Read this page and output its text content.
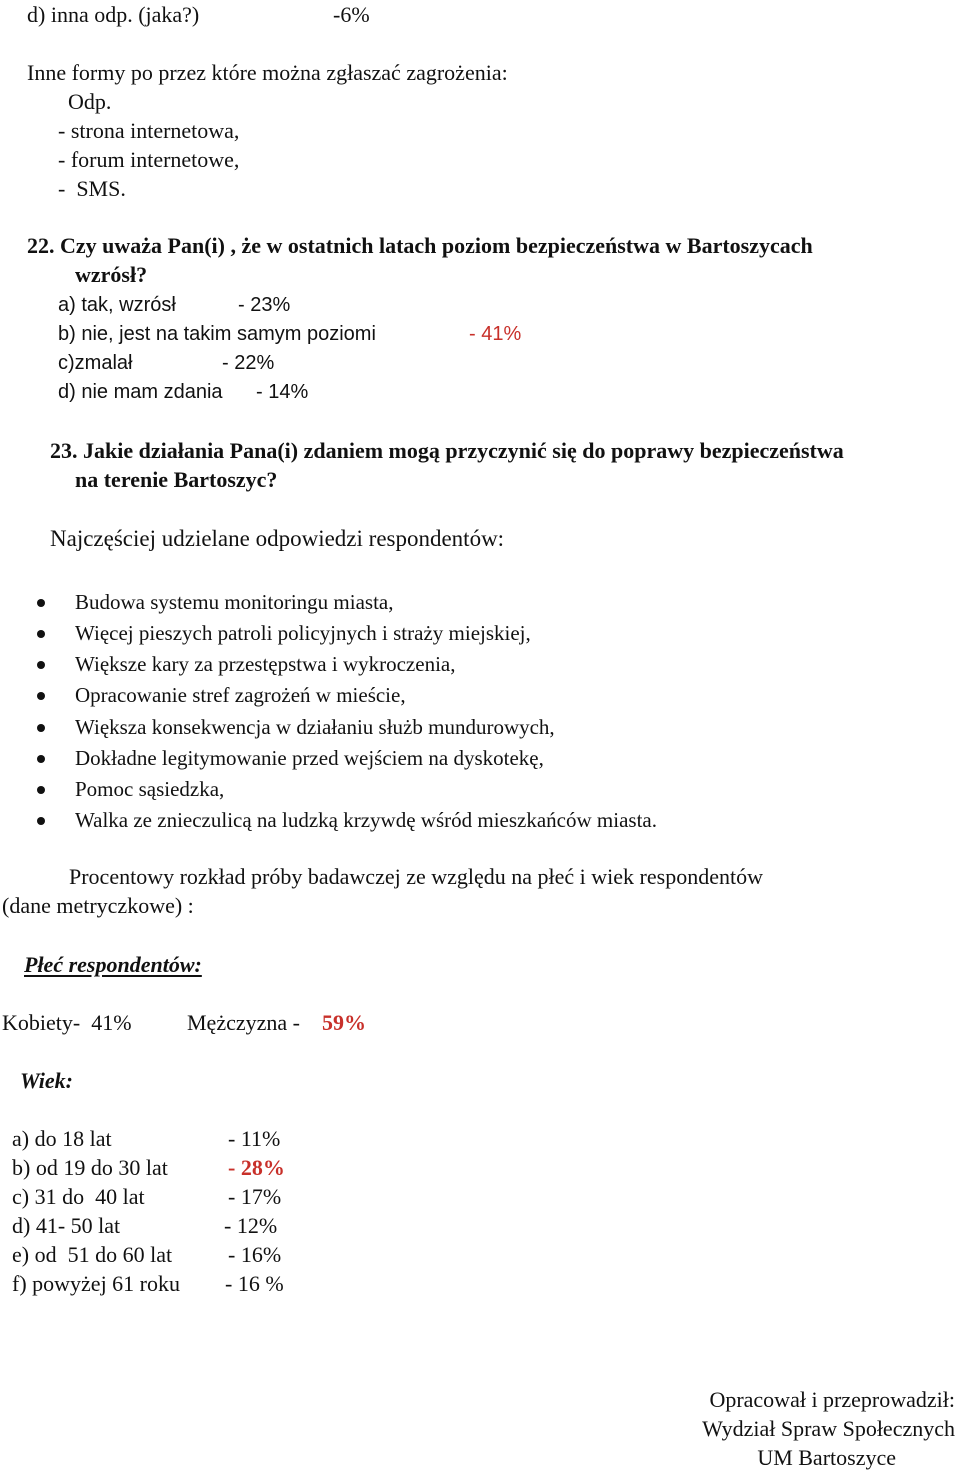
d) inna odp. (jaka?)	-6%
Inne formy po przez które można zgłaszać zagrożenia:
Odp.
- strona internetowa,
- forum internetowe,
-  SMS.
22. Czy uważa Pan(i) , że w ostatnich latach poziom bezpieczeństwa w Bartoszycach
wzrósł?
a) tak, wzrósł	- 23%
b) nie, jest na takim samym poziomi	- 41%
c)zmalał	- 22%
d) nie mam zdania - 14%
23. Jakie działania Pana(i) zdaniem mogą przyczynić się do poprawy bezpieczeństwa
na terenie Bartoszyc?
Najczęściej udzielane odpowiedzi respondentów:
Budowa systemu monitoringu miasta,
Więcej pieszych patroli policyjnych i straży miejskiej,
Większe kary za przestępstwa i wykroczenia,
Opracowanie stref zagrożeń w mieście,
Większa konsekwencja w działaniu służb mundurowych,
Dokładne legitymowanie przed wejściem na dyskotekę,
Pomoc sąsiedzka,
Walka ze znieczulicą na ludzką krzywdę wśród mieszkańców miasta.
Procentowy rozkład próby badawczej ze względu na płeć i wiek respondentów
(dane metryczkowe) :
Płeć respondentów:
Kobiety-  41%	Mężczyzna - 59%
Wiek:
a) do 18 lat	- 11%
b) od 19 do 30 lat	- 28%
c) 31 do  40 lat	- 17%
d) 41- 50 lat	- 12%
e) od  51 do 60 lat	- 16%
f) powyżej 61 roku - 16 %
Opracował i przeprowadził:
Wydział Spraw Społecznych
UM Bartoszyce
